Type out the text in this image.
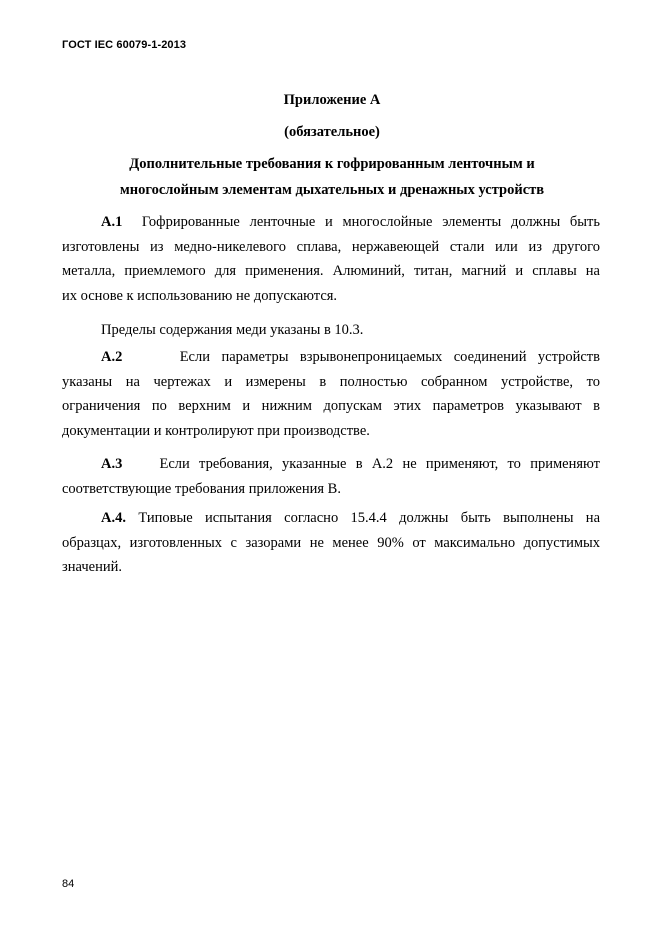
ГОСТ IEC 60079-1-2013
Приложение А
(обязательное)
Дополнительные требования к гофрированным ленточным и
многослойным элементам дыхательных и дренажных устройств
А.1 Гофрированные ленточные и многослойные элементы должны быть
изготовлены из медно-никелевого сплава, нержавеющей стали или из другого
металла, приемлемого для применения. Алюминий, титан, магний и сплавы на
их основе к использованию не допускаются.
Пределы содержания меди указаны в 10.3.
А.2	Если параметры взрывонепроницаемых соединений устройств
указаны на чертежах и измерены в полностью собранном устройстве, то
ограничения по верхним и нижним допускам этих параметров указывают в
документации и контролируют при производстве.
А.3	Если требования, указанные в А.2 не применяют, то применяют
соответствующие требования приложения В.
А.4. Типовые испытания согласно 15.4.4 должны быть выполнены на
образцах, изготовленных с зазорами не менее 90% от максимально допустимых
значений.
84
